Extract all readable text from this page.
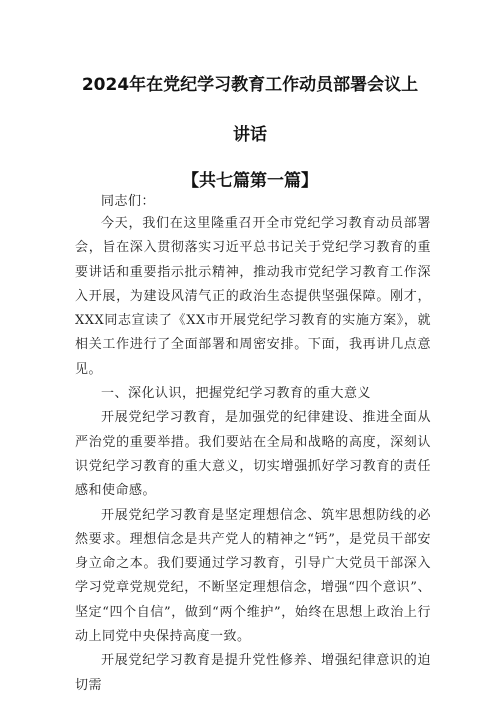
2024年在党纪学习教育工作动员部署会议上
讲话
【共七篇第一篇】
同志们：

今天，我们在这里隆重召开全市党纪学习教育动员部署会，旨在深入贯彻落实习近平总书记关于党纪学习教育的重要讲话和重要指示批示精神，推动我市党纪学习教育工作深入开展，为建设风清气正的政治生态提供坚强保障。刚才，XXX同志宣读了《XX市开展党纪学习教育的实施方案》，就相关工作进行了全面部署和周密安排。下面，我再讲几点意见。

一、深化认识，把握党纪学习教育的重大意义

开展党纪学习教育，是加强党的纪律建设、推进全面从严治党的重要举措。我们要站在全局和战略的高度，深刻认识党纪学习教育的重大意义，切实增强抓好学习教育的责任感和使命感。

开展党纪学习教育是坚定理想信念、筑牢思想防线的必然要求。理想信念是共产党人的精神之“钙”，是党员干部安身立命之本。我们要通过学习教育，引导广大党员干部深入学习党章党规党纪，不断坚定理想信念，增强“四个意识”、坚定“四个自信”，做到“两个维护”，始终在思想上政治上行动上同党中央保持高度一致。

开展党纪学习教育是提升党性修养、增强纪律意识的迫切需
